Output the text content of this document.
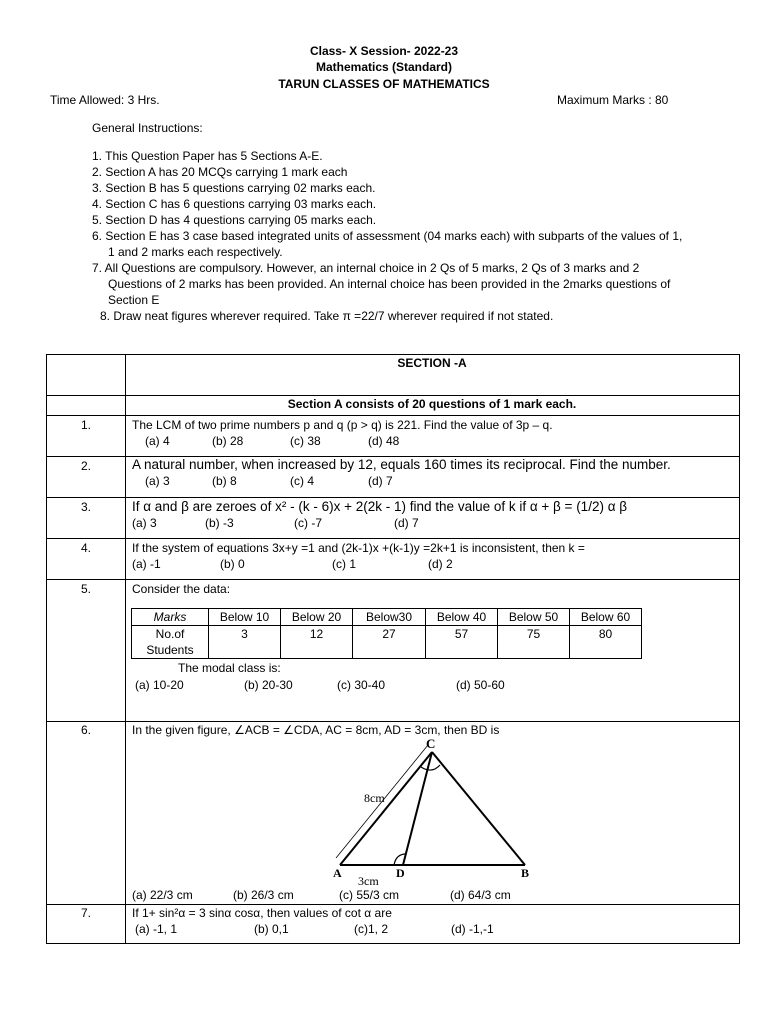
Class- X Session- 2022-23
Mathematics (Standard)
TARUN CLASSES OF MATHEMATICS
Time Allowed: 3 Hrs.	Maximum Marks : 80
General Instructions:
1. This Question Paper has 5 Sections A-E.
2. Section A has 20 MCQs carrying 1 mark each
3. Section B has 5 questions carrying 02 marks each.
4. Section C has 6 questions carrying 03 marks each.
5. Section D has 4 questions carrying 05 marks each.
6. Section E has 3 case based integrated units of assessment (04 marks each) with subparts of the values of 1,
1 and 2 marks each respectively.
7. All Questions are compulsory. However, an internal choice in 2 Qs of 5 marks, 2 Qs of 3 marks and 2
Questions of 2 marks has been provided. An internal choice has been provided in the 2marks questions of
Section E
8. Draw neat figures wherever required. Take π =22/7 wherever required if not stated.
SECTION -A
Section A consists of 20 questions of 1 mark each.
1.	The LCM of two prime numbers p and q (p > q) is 221. Find the value of 3p – q.
(a) 4	(b) 28	(c) 38	(d) 48
2.	A natural number, when increased by 12, equals 160 times its reciprocal. Find the number.
(a) 3	(b) 8	(c) 4	(d) 7
3.	If α and β are zeroes of x² - (k - 6)x + 2(2k - 1) find the value of k if α + β = (1/2) α β
(a) 3	(b) -3	(c) -7	(d) 7
4.	If the system of equations 3x+y =1 and (2k-1)x +(k-1)y =2k+1 is inconsistent, then k =
(a) -1	(b) 0	(c) 1	(d) 2
5.	Consider the data:
Marks	Below 10	Below 20	Below30	Below 40	Below 50	Below 60

No.of
Students	3	12	27	57	75	80
The modal class is:
(a) 10-20	(b) 20-30	(c) 30-40	(d) 50-60
6.	In the given figure, ∠ACB = ∠CDA, AC = 8cm, AD = 3cm, then BD is
C
A	D	B
8cm
3cm
(a) 22/3 cm	(b) 26/3 cm	(c) 55/3 cm	(d) 64/3 cm
7.	If 1+ sin²α = 3 sinα cosα, then values of cot α are
(a) -1, 1	(b) 0,1	(c)1, 2	(d) -1,-1
